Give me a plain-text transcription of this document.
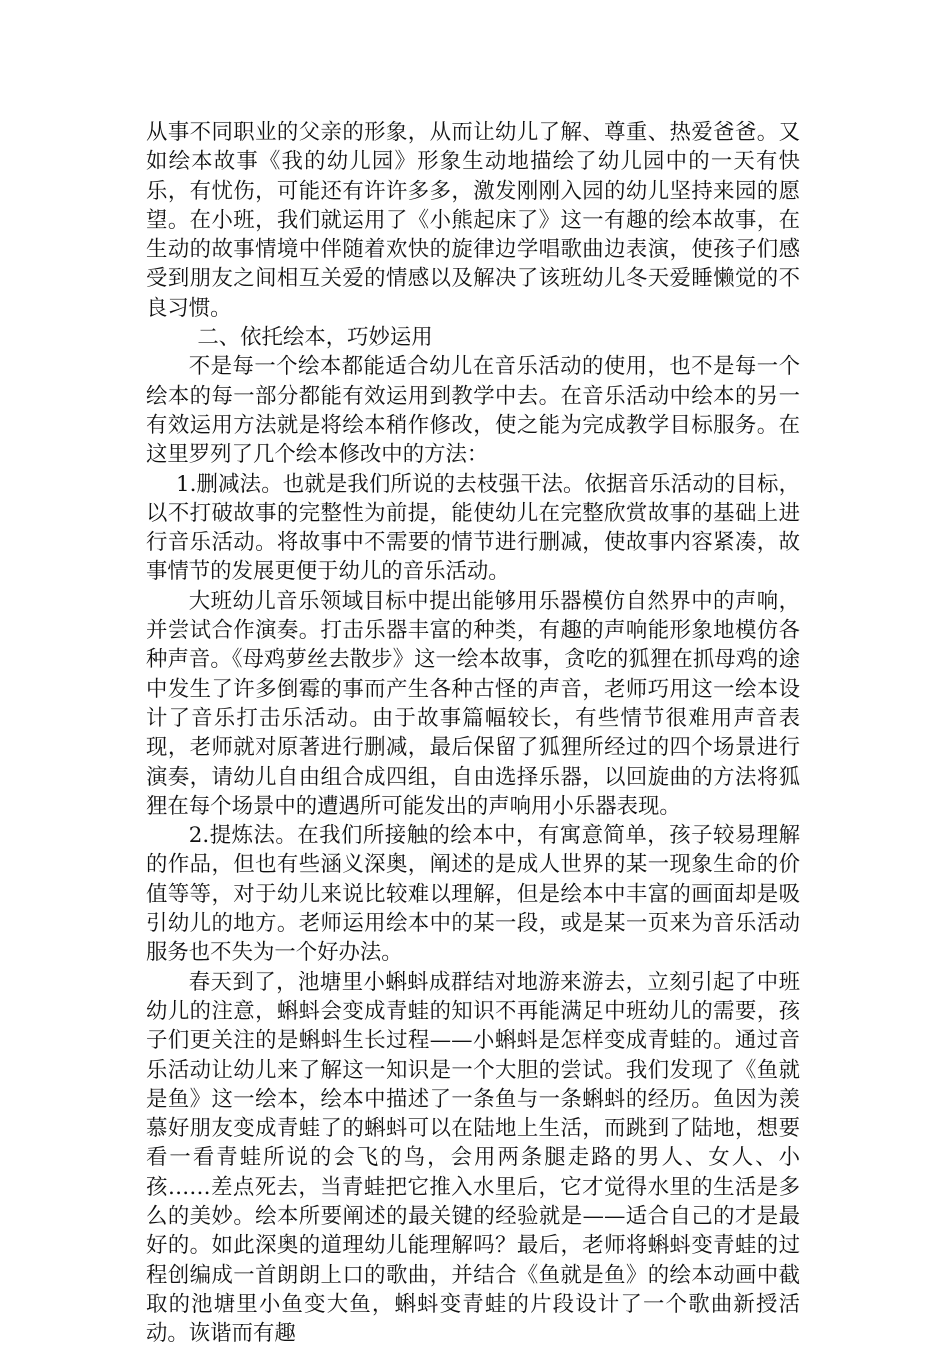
从事不同职业的父亲的形象，从而让幼儿了解、尊重、热爱爸爸。又如绘本故事《我的幼儿园》形象生动地描绘了幼儿园中的一天有快乐，有忧伤，可能还有许许多多，激发刚刚入园的幼儿坚持来园的愿望。在小班，我们就运用了《小熊起床了》这一有趣的绘本故事，在生动的故事情境中伴随着欢快的旋律边学唱歌曲边表演，使孩子们感受到朋友之间相互关爱的情感以及解决了该班幼儿冬天爱睡懒觉的不良习惯。

二、依托绘本，巧妙运用

不是每一个绘本都能适合幼儿在音乐活动的使用，也不是每一个绘本的每一部分都能有效运用到教学中去。在音乐活动中绘本的另一有效运用方法就是将绘本稍作修改，使之能为完成教学目标服务。在这里罗列了几个绘本修改中的方法：

1.删减法。也就是我们所说的去枝强干法。依据音乐活动的目标，以不打破故事的完整性为前提，能使幼儿在完整欣赏故事的基础上进行音乐活动。将故事中不需要的情节进行删减，使故事内容紧凑，故事情节的发展更便于幼儿的音乐活动。

大班幼儿音乐领域目标中提出能够用乐器模仿自然界中的声响，并尝试合作演奏。打击乐器丰富的种类，有趣的声响能形象地模仿各种声音。《母鸡萝丝去散步》这一绘本故事，贪吃的狐狸在抓母鸡的途中发生了许多倒霉的事而产生各种古怪的声音，老师巧用这一绘本设计了音乐打击乐活动。由于故事篇幅较长，有些情节很难用声音表现，老师就对原著进行删减，最后保留了狐狸所经过的四个场景进行演奏，请幼儿自由组合成四组，自由选择乐器，以回旋曲的方法将狐狸在每个场景中的遭遇所可能发出的声响用小乐器表现。

2.提炼法。在我们所接触的绘本中，有寓意简单，孩子较易理解的作品，但也有些涵义深奥，阐述的是成人世界的某一现象生命的价值等等，对于幼儿来说比较难以理解，但是绘本中丰富的画面却是吸引幼儿的地方。老师运用绘本中的某一段，或是某一页来为音乐活动服务也不失为一个好办法。

春天到了，池塘里小蝌蚪成群结对地游来游去，立刻引起了中班幼儿的注意，蝌蚪会变成青蛙的知识不再能满足中班幼儿的需要，孩子们更关注的是蝌蚪生长过程——小蝌蚪是怎样变成青蛙的。通过音乐活动让幼儿来了解这一知识是一个大胆的尝试。我们发现了《鱼就是鱼》这一绘本，绘本中描述了一条鱼与一条蝌蚪的经历。鱼因为羡慕好朋友变成青蛙了的蝌蚪可以在陆地上生活，而跳到了陆地，想要看一看青蛙所说的会飞的鸟，会用两条腿走路的男人、女人、小孩……差点死去，当青蛙把它推入水里后，它才觉得水里的生活是多么的美妙。绘本所要阐述的最关键的经验就是——适合自己的才是最好的。如此深奥的道理幼儿能理解吗？最后，老师将蝌蚪变青蛙的过程创编成一首朗朗上口的歌曲，并结合《鱼就是鱼》的绘本动画中截取的池塘里小鱼变大鱼，蝌蚪变青蛙的片段设计了一个歌曲新授活动。诙谐而有趣
